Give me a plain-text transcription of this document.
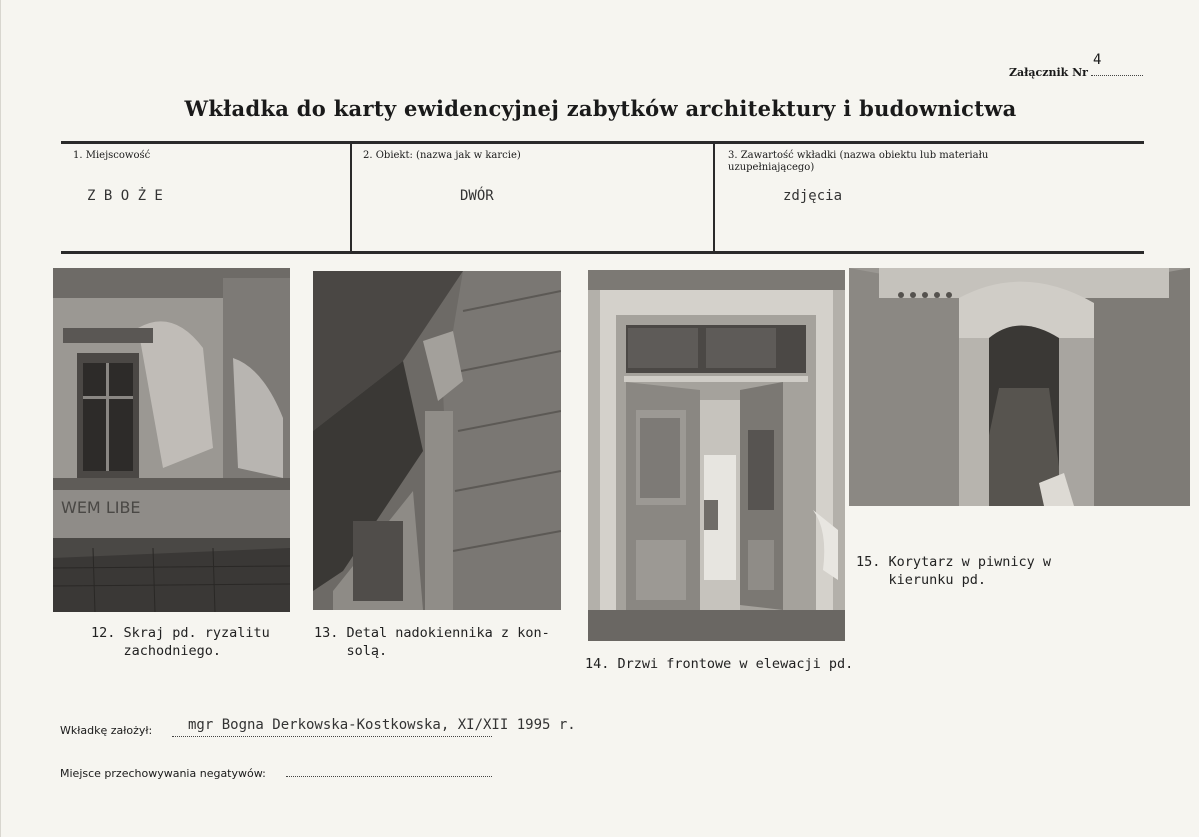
Załącznik Nr
4
Wkładka do karty ewidencyjnej zabytków architektury i budownictwa
1. Miejscowość
Z B O Ż E
2. Obiekt: (nazwa jak w karcie)
DWÓR
3. Zawartość wkładki (nazwa obiektu lub materiału uzupełniającego)
zdjęcia
WEM LIBE
12. Skraj pd. ryzalitu
zachodniego.
13. Detal nadokiennika z kon-
solą.
14. Drzwi frontowe w elewacji pd.
15. Korytarz w piwnicy w
kierunku pd.
Wkładkę założył:	mgr Bogna Derkowska-Kostkowska, XI/XII 1995 r.
Miejsce przechowywania negatywów:
